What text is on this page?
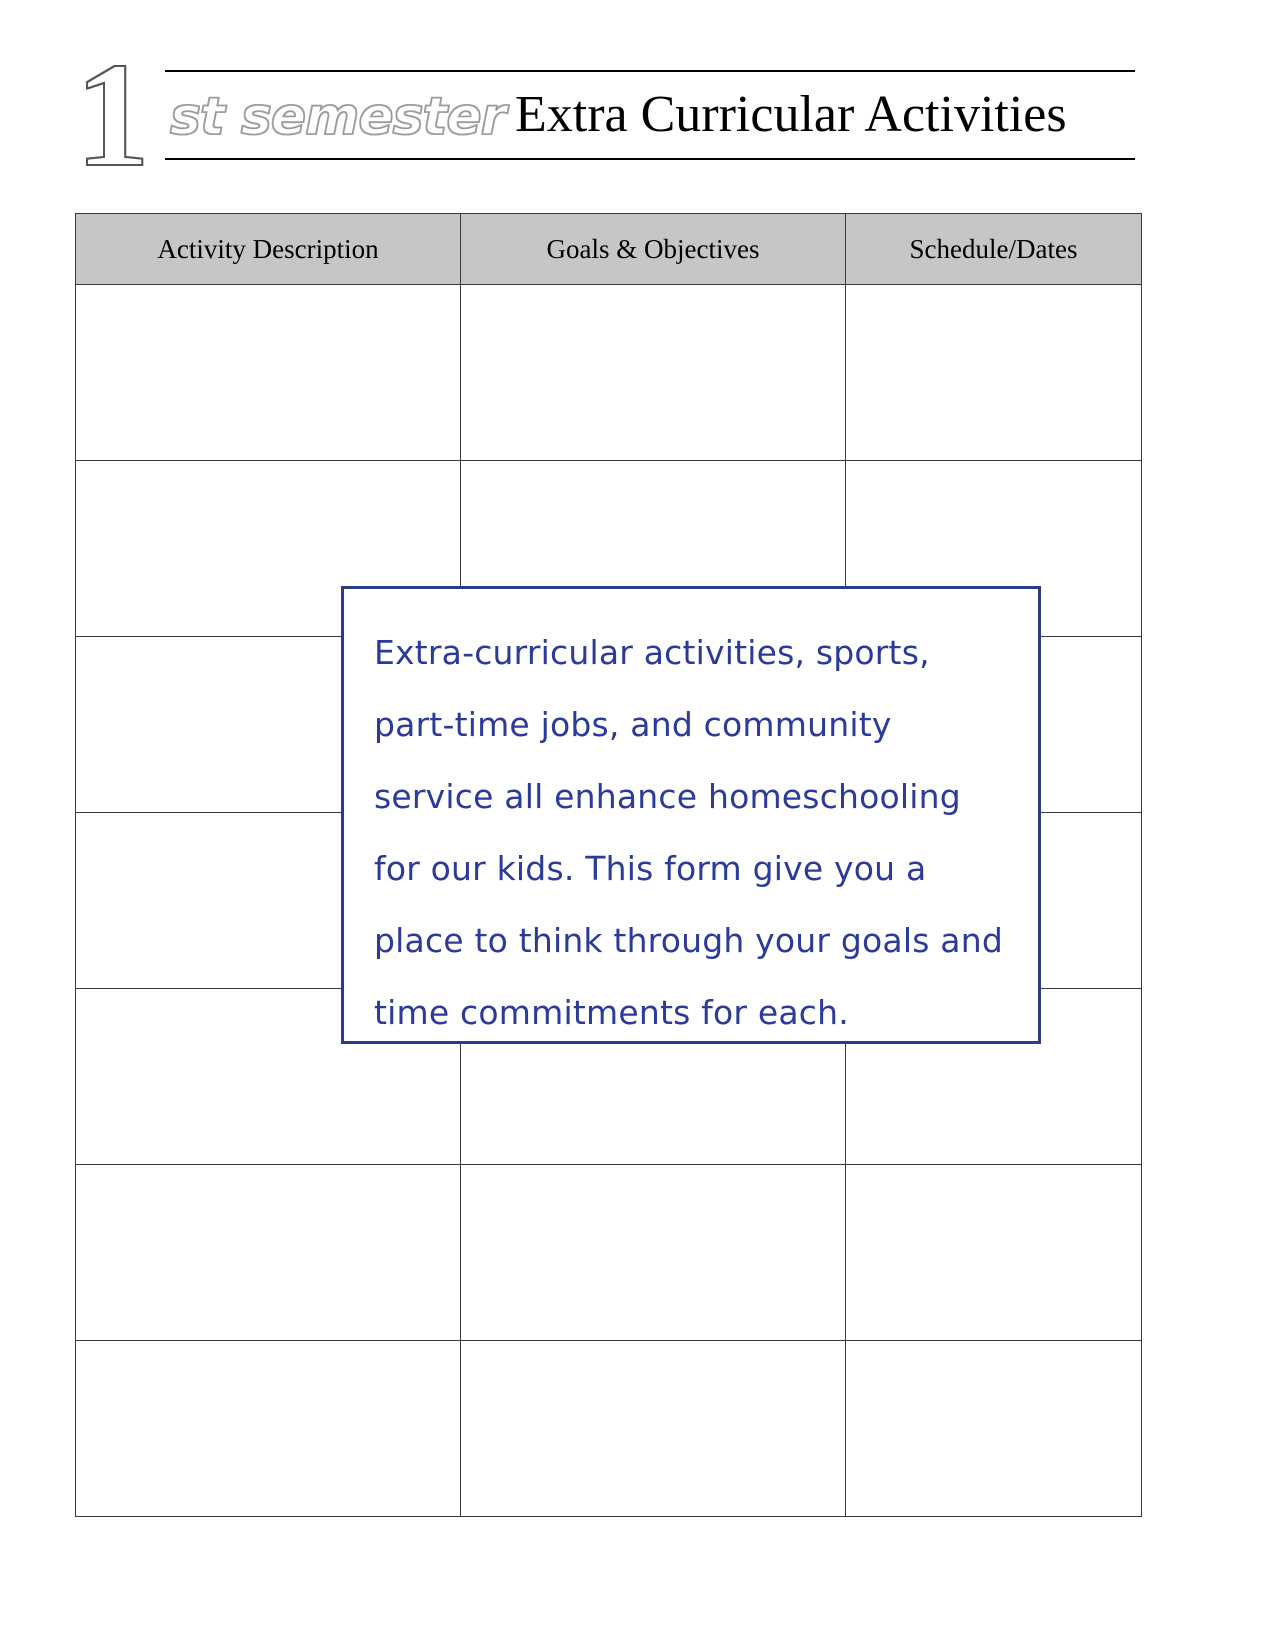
1 st semester Extra Curricular Activities
Activity Description	Goals & Objectives	Schedule/Dates

Extra-curricular activities, sports, part-time jobs, and community service all enhance homeschooling for our kids. This form give you a place to think through your goals and time commitments for each.
